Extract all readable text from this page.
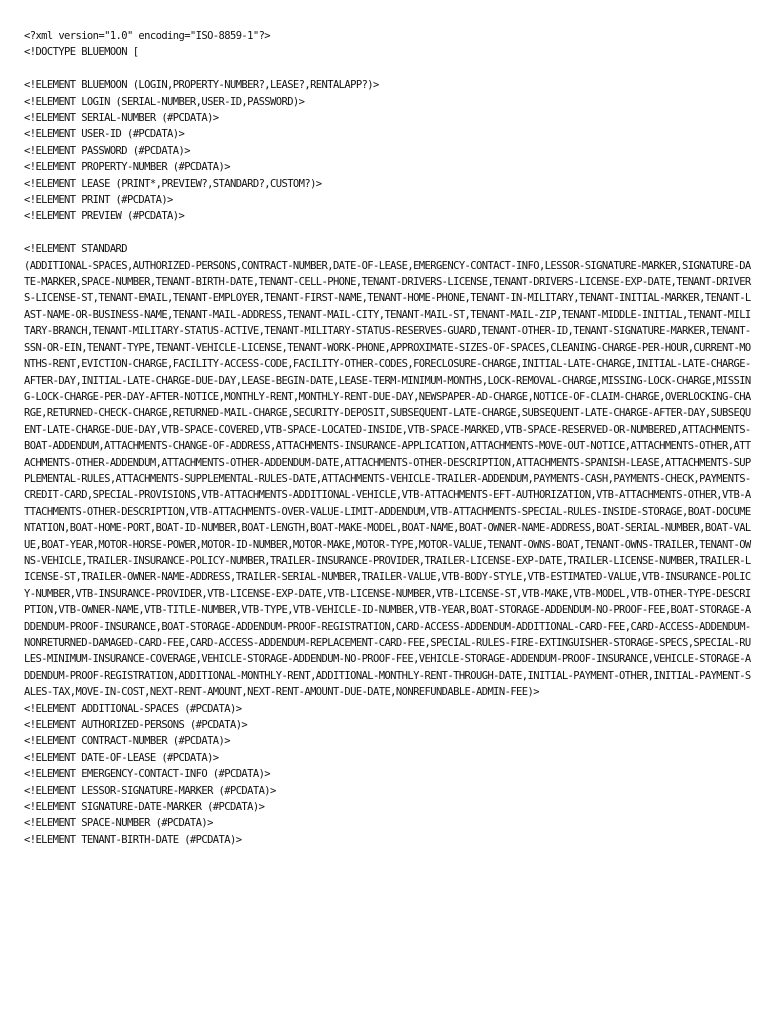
<?xml version="1.0" encoding="ISO-8859-1"?>
<!DOCTYPE BLUEMOON [
<!ELEMENT BLUEMOON (LOGIN,PROPERTY-NUMBER?,LEASE?,RENTALAPP?)>
<!ELEMENT LOGIN (SERIAL-NUMBER,USER-ID,PASSWORD)>
<!ELEMENT SERIAL-NUMBER (#PCDATA)>
<!ELEMENT USER-ID (#PCDATA)>
<!ELEMENT PASSWORD (#PCDATA)>
<!ELEMENT PROPERTY-NUMBER (#PCDATA)>
<!ELEMENT LEASE (PRINT*,PREVIEW?,STANDARD?,CUSTOM?)>
<!ELEMENT PRINT (#PCDATA)>
<!ELEMENT PREVIEW (#PCDATA)>
<!ELEMENT STANDARD
(ADDITIONAL-SPACES,AUTHORIZED-PERSONS,CONTRACT-NUMBER,DATE-OF-LEASE,EMERGENCY-CONTACT-INFO,LESSOR-SIGNATURE-MARKER,SIGNATURE-DATE-MARKER,SPACE-NUMBER,TENANT-BIRTH-DATE,TENANT-CELL-PHONE,TENANT-DRIVERS-LICENSE,TENANT-DRIVERS-LICENSE-EXP-DATE,TENANT-DRIVERS-LICENSE-ST,TENANT-EMAIL,TENANT-EMPLOYER,TENANT-FIRST-NAME,TENANT-HOME-PHONE,TENANT-IN-MILITARY,TENANT-INITIAL-MARKER,TENANT-LAST-NAME-OR-BUSINESS-NAME,TENANT-MAIL-ADDRESS,TENANT-MAIL-CITY,TENANT-MAIL-ST,TENANT-MAIL-ZIP,TENANT-MIDDLE-INITIAL,TENANT-MILITARY-BRANCH,TENANT-MILITARY-STATUS-ACTIVE,TENANT-MILITARY-STATUS-RESERVES-GUARD,TENANT-OTHER-ID,TENANT-SIGNATURE-MARKER,TENANT-SSN-OR-EIN,TENANT-TYPE,TENANT-VEHICLE-LICENSE,TENANT-WORK-PHONE,APPROXIMATE-SIZES-OF-SPACES,CLEANING-CHARGE-PER-HOUR,CURRENT-MONTHS-RENT,EVICTION-CHARGE,FACILITY-ACCESS-CODE,FACILITY-OTHER-CODES,FORECLOSURE-CHARGE,INITIAL-LATE-CHARGE,INITIAL-LATE-CHARGE-AFTER-DAY,INITIAL-LATE-CHARGE-DUE-DAY,LEASE-BEGIN-DATE,LEASE-TERM-MINIMUM-MONTHS,LOCK-REMOVAL-CHARGE,MISSING-LOCK-CHARGE,MISSING-LOCK-CHARGE-PER-DAY-AFTER-NOTICE,MONTHLY-RENT,MONTHLY-RENT-DUE-DAY,NEWSPAPER-AD-CHARGE,NOTICE-OF-CLAIM-CHARGE,OVERLOCKING-CHARGE,RETURNED-CHECK-CHARGE,RETURNED-MAIL-CHARGE,SECURITY-DEPOSIT,SUBSEQUENT-LATE-CHARGE,SUBSEQUENT-LATE-CHARGE-AFTER-DAY,SUBSEQUENT-LATE-CHARGE-DUE-DAY,VTB-SPACE-COVERED,VTB-SPACE-LOCATED-INSIDE,VTB-SPACE-MARKED,VTB-SPACE-RESERVED-OR-NUMBERED,ATTACHMENTS-BOAT-ADDENDUM,ATTACHMENTS-CHANGE-OF-ADDRESS,ATTACHMENTS-INSURANCE-APPLICATION,ATTACHMENTS-MOVE-OUT-NOTICE,ATTACHMENTS-OTHER,ATTACHMENTS-OTHER-ADDENDUM,ATTACHMENTS-OTHER-ADDENDUM-DATE,ATTACHMENTS-OTHER-DESCRIPTION,ATTACHMENTS-SPANISH-LEASE,ATTACHMENTS-SUPPLEMENTAL-RULES,ATTACHMENTS-SUPPLEMENTAL-RULES-DATE,ATTACHMENTS-VEHICLE-TRAILER-ADDENDUM,PAYMENTS-CASH,PAYMENTS-CHECK,PAYMENTS-CREDIT-CARD,SPECIAL-PROVISIONS,VTB-ATTACHMENTS-ADDITIONAL-VEHICLE,VTB-ATTACHMENTS-EFT-AUTHORIZATION,VTB-ATTACHMENTS-OTHER,VTB-ATTACHMENTS-OTHER-DESCRIPTION,VTB-ATTACHMENTS-OVER-VALUE-LIMIT-ADDENDUM,VTB-ATTACHMENTS-SPECIAL-RULES-INSIDE-STORAGE,BOAT-DOCUMENTATION,BOAT-HOME-PORT,BOAT-ID-NUMBER,BOAT-LENGTH,BOAT-MAKE-MODEL,BOAT-NAME,BOAT-OWNER-NAME-ADDRESS,BOAT-SERIAL-NUMBER,BOAT-VALUE,BOAT-YEAR,MOTOR-HORSE-POWER,MOTOR-ID-NUMBER,MOTOR-MAKE,MOTOR-TYPE,MOTOR-VALUE,TENANT-OWNS-BOAT,TENANT-OWNS-TRAILER,TENANT-OWNS-VEHICLE,TRAILER-INSURANCE-POLICY-NUMBER,TRAILER-INSURANCE-PROVIDER,TRAILER-LICENSE-EXP-DATE,TRAILER-LICENSE-NUMBER,TRAILER-LICENSE-ST,TRAILER-OWNER-NAME-ADDRESS,TRAILER-SERIAL-NUMBER,TRAILER-VALUE,VTB-BODY-STYLE,VTB-ESTIMATED-VALUE,VTB-INSURANCE-POLICY-NUMBER,VTB-INSURANCE-PROVIDER,VTB-LICENSE-EXP-DATE,VTB-LICENSE-NUMBER,VTB-LICENSE-ST,VTB-MAKE,VTB-MODEL,VTB-OTHER-TYPE-DESCRIPTION,VTB-OWNER-NAME,VTB-TITLE-NUMBER,VTB-TYPE,VTB-VEHICLE-ID-NUMBER,VTB-YEAR,BOAT-STORAGE-ADDENDUM-NO-PROOF-FEE,BOAT-STORAGE-ADDENDUM-PROOF-INSURANCE,BOAT-STORAGE-ADDENDUM-PROOF-REGISTRATION,CARD-ACCESS-ADDENDUM-ADDITIONAL-CARD-FEE,CARD-ACCESS-ADDENDUM-NONRETURNED-DAMAGED-CARD-FEE,CARD-ACCESS-ADDENDUM-REPLACEMENT-CARD-FEE,SPECIAL-RULES-FIRE-EXTINGUISHER-STORAGE-SPECS,SPECIAL-RULES-MINIMUM-INSURANCE-COVERAGE,VEHICLE-STORAGE-ADDENDUM-NO-PROOF-FEE,VEHICLE-STORAGE-ADDENDUM-PROOF-INSURANCE,VEHICLE-STORAGE-ADDENDUM-PROOF-REGISTRATION,ADDITIONAL-MONTHLY-RENT,ADDITIONAL-MONTHLY-RENT-THROUGH-DATE,INITIAL-PAYMENT-OTHER,INITIAL-PAYMENT-SALES-TAX,MOVE-IN-COST,NEXT-RENT-AMOUNT,NEXT-RENT-AMOUNT-DUE-DATE,NONREFUNDABLE-ADMIN-FEE)>
<!ELEMENT ADDITIONAL-SPACES (#PCDATA)>
<!ELEMENT AUTHORIZED-PERSONS (#PCDATA)>
<!ELEMENT CONTRACT-NUMBER (#PCDATA)>
<!ELEMENT DATE-OF-LEASE (#PCDATA)>
<!ELEMENT EMERGENCY-CONTACT-INFO (#PCDATA)>
<!ELEMENT LESSOR-SIGNATURE-MARKER (#PCDATA)>
<!ELEMENT SIGNATURE-DATE-MARKER (#PCDATA)>
<!ELEMENT SPACE-NUMBER (#PCDATA)>
<!ELEMENT TENANT-BIRTH-DATE (#PCDATA)>
